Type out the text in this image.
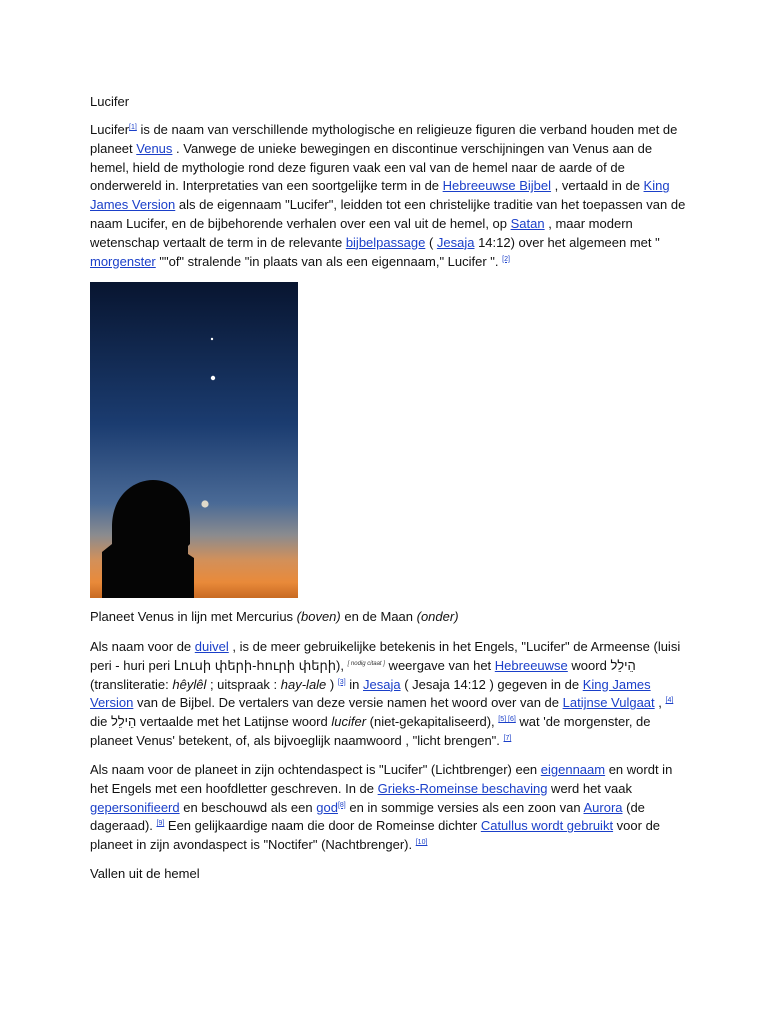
Lucifer

Lucifer[1] is de naam van verschillende mythologische en religieuze figuren die verband houden met de planeet Venus . Vanwege de unieke bewegingen en discontinue verschijningen van Venus aan de hemel, hield de mythologie rond deze figuren vaak een val van de hemel naar de aarde of de onderwereld in. Interpretaties van een soortgelijke term in de Hebreeuwse Bijbel , vertaald in de King James Version als de eigennaam "Lucifer", leidden tot een christelijke traditie van het toepassen van de naam Lucifer, en de bijbehorende verhalen over een val uit de hemel, op Satan , maar modern wetenschap vertaalt de term in de relevante bijbelpassage ( Jesaja 14:12) over het algemeen met " morgenster ""of" stralende "in plaats van als een eigennaam," Lucifer ". [2]

Planeet Venus in lijn met Mercurius (boven) en de Maan (onder)

Als naam voor de duivel , is de meer gebruikelijke betekenis in het Engels, "Lucifer" de Armeense (luisi peri - huri peri Լուսի փերի-հուրի փերի), [ nodig citaat ] weergave van het Hebreeuwse woord הֵילֵל (transliteratie: hêylêl ; uitspraak : hay-lale ) [3] in Jesaja ( Jesaja 14:12 ) gegeven in de King James Version van de Bijbel. De vertalers van deze versie namen het woord over van de Latijnse Vulgaat , [4] die הֵילֵל vertaalde met het Latijnse woord lucifer (niet-gekapitaliseerd), [5] [6] wat 'de morgenster, de planeet Venus' betekent, of, als bijvoeglijk naamwoord , "licht brengen". [7]

Als naam voor de planeet in zijn ochtendaspect is "Lucifer" (Lichtbrenger) een eigennaam en wordt in het Engels met een hoofdletter geschreven. In de Grieks-Romeinse beschaving werd het vaak gepersonifieerd en beschouwd als een god[8] en in sommige versies als een zoon van Aurora (de dageraad). [9] Een gelijkaardige naam die door de Romeinse dichter Catullus wordt gebruikt voor de planeet in zijn avondaspect is "Noctifer" (Nachtbrenger). [10]

Vallen uit de hemel
